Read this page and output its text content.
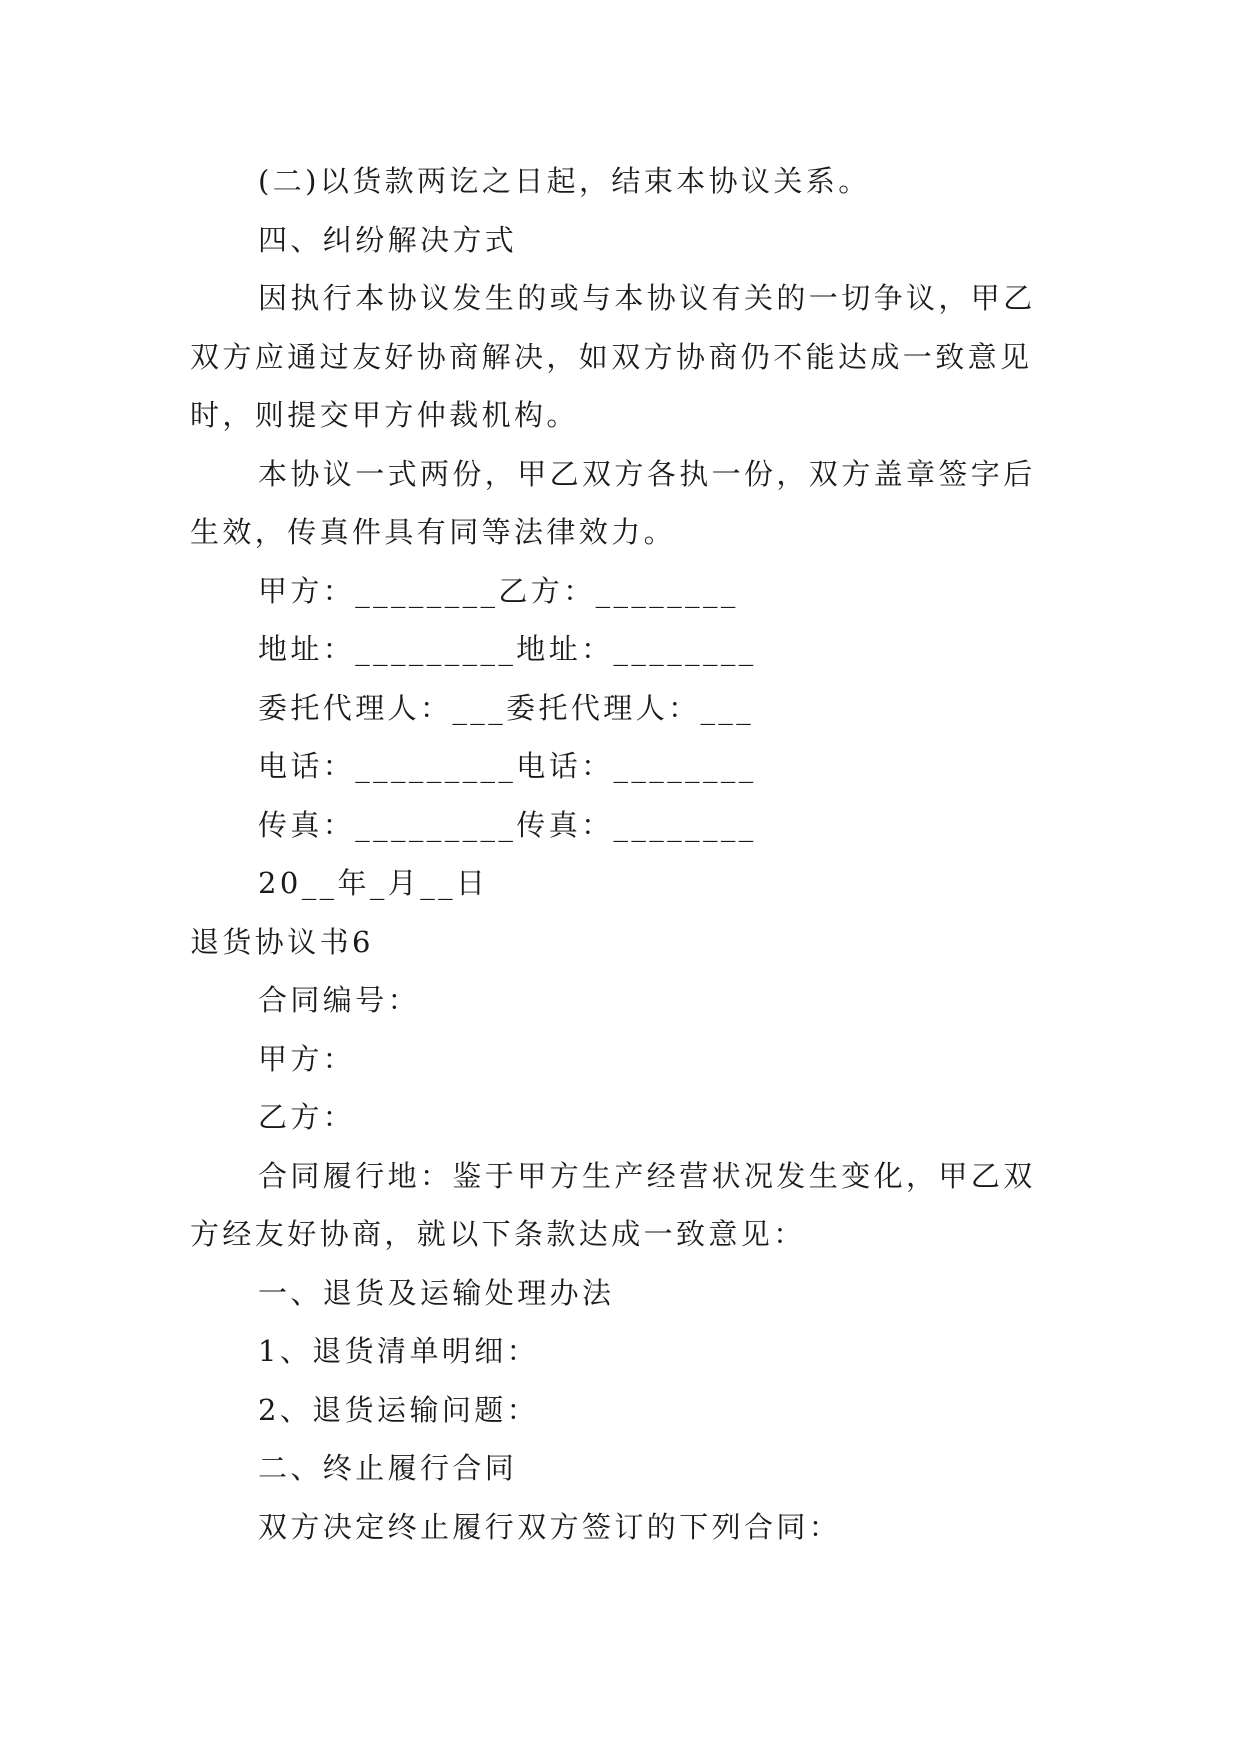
(二)以货款两讫之日起，结束本协议关系。
四、纠纷解决方式
因执行本协议发生的或与本协议有关的一切争议，甲乙
双方应通过友好协商解决，如双方协商仍不能达成一致意见
时，则提交甲方仲裁机构。
本协议一式两份，甲乙双方各执一份，双方盖章签字后
生效，传真件具有同等法律效力。
甲方：________乙方：________
地址：_________地址：________
委托代理人：___委托代理人：___
电话：_________电话：________
传真：_________传真：________
20__年_月__日
退货协议书6
合同编号：
甲方：
乙方：
合同履行地：鉴于甲方生产经营状况发生变化，甲乙双
方经友好协商，就以下条款达成一致意见：
一、退货及运输处理办法
1、退货清单明细：
2、退货运输问题：
二、终止履行合同
双方决定终止履行双方签订的下列合同：
